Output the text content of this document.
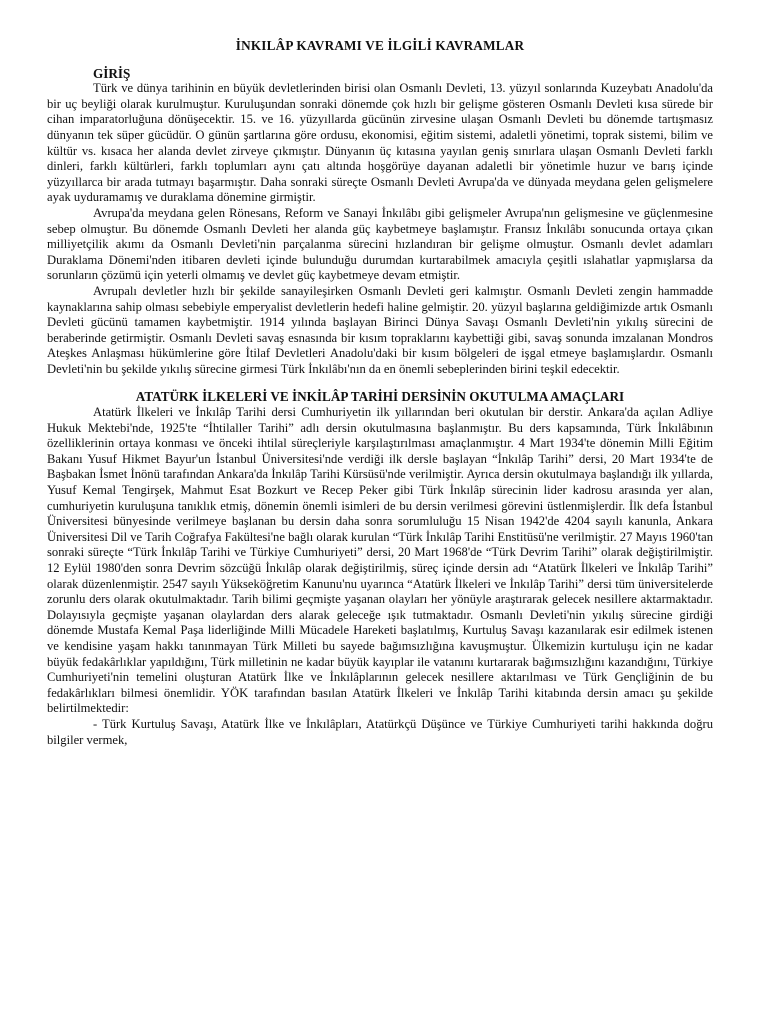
İNKILÂP KAVRAMI VE İLGİLİ KAVRAMLAR
GİRİŞ

Türk ve dünya tarihinin en büyük devletlerinden birisi olan Osmanlı Devleti, 13. yüzyıl sonlarında Kuzeybatı Anadolu'da bir uç beyliği olarak kurulmuştur. Kuruluşundan sonraki dönemde çok hızlı bir gelişme gösteren Osmanlı Devleti kısa sürede bir cihan imparatorluğuna dönüşecektir. 15. ve 16. yüzyıllarda gücünün zirvesine ulaşan Osmanlı Devleti bu dönemde tartışmasız dünyanın tek süper gücüdür. O günün şartlarına göre ordusu, ekonomisi, eğitim sistemi, adaletli yönetimi, toprak sistemi, bilim ve kültür vs. kısaca her alanda devlet zirveye çıkmıştır. Dünyanın üç kıtasına yayılan geniş sınırlara ulaşan Osmanlı Devleti farklı dinleri, farklı kültürleri, farklı toplumları aynı çatı altında hoşgörüye dayanan adaletli bir yönetimle huzur ve barış içinde yüzyıllarca bir arada tutmayı başarmıştır. Daha sonraki süreçte Osmanlı Devleti Avrupa'da ve dünyada meydana gelen gelişmelere ayak uyduramamış ve duraklama dönemine girmiştir.

Avrupa'da meydana gelen Rönesans, Reform ve Sanayi İnkılâbı gibi gelişmeler Avrupa'nın gelişmesine ve güçlenmesine sebep olmuştur. Bu dönemde Osmanlı Devleti her alanda güç kaybetmeye başlamıştır. Fransız İnkılâbı sonucunda ortaya çıkan milliyetçilik akımı da Osmanlı Devleti'nin parçalanma sürecini hızlandıran bir gelişme olmuştur. Osmanlı devlet adamları Duraklama Dönemi'nden itibaren devleti içinde bulunduğu durumdan kurtarabilmek amacıyla çeşitli ıslahatlar yapmışlarsa da sorunların çözümü için yeterli olmamış ve devlet güç kaybetmeye devam etmiştir.

Avrupalı devletler hızlı bir şekilde sanayileşirken Osmanlı Devleti geri kalmıştır. Osmanlı Devleti zengin hammadde kaynaklarına sahip olması sebebiyle emperyalist devletlerin hedefi haline gelmiştir. 20. yüzyıl başlarına geldiğimizde artık Osmanlı Devleti gücünü tamamen kaybetmiştir. 1914 yılında başlayan Birinci Dünya Savaşı Osmanlı Devleti'nin yıkılış sürecini de beraberinde getirmiştir. Osmanlı Devleti savaş esnasında bir kısım topraklarını kaybettiği gibi, savaş sonunda imzalanan Mondros Ateşkes Anlaşması hükümlerine göre İtilaf Devletleri Anadolu'daki bir kısım bölgeleri de işgal etmeye başlamışlardır. Osmanlı Devleti'nin bu şekilde yıkılış sürecine girmesi Türk İnkılâbı'nın da en önemli sebeplerinden birini teşkil edecektir.

ATATÜRK İLKELERİ VE İNKİLÂP TARİHİ DERSİNİN OKUTULMA AMAÇLARI

Atatürk İlkeleri ve İnkılâp Tarihi dersi Cumhuriyetin ilk yıllarından beri okutulan bir derstir. Ankara'da açılan Adliye Hukuk Mektebi'nde, 1925'te “İhtilaller Tarihi” adlı dersin okutulmasına başlanmıştır. Bu ders kapsamında, Türk İnkılâbının özelliklerinin ortaya konması ve önceki ihtilal süreçleriyle karşılaştırılması amaçlanmıştır. 4 Mart 1934'te dönemin Milli Eğitim Bakanı Yusuf Hikmet Bayur'un İstanbul Üniversitesi'nde verdiği ilk dersle başlayan “İnkılâp Tarihi” dersi, 20 Mart 1934'te de Başbakan İsmet İnönü tarafından Ankara'da İnkılâp Tarihi Kürsüsü'nde verilmiştir. Ayrıca dersin okutulmaya başlandığı ilk yıllarda, Yusuf Kemal Tengirşek, Mahmut Esat Bozkurt ve Recep Peker gibi Türk İnkılâp sürecinin lider kadrosu arasında yer alan, cumhuriyetin kuruluşuna tanıklık etmiş, dönemin önemli isimleri de bu dersin verilmesi görevini üstlenmişlerdir. İlk defa İstanbul Üniversitesi bünyesinde verilmeye başlanan bu dersin daha sonra sorumluluğu 15 Nisan 1942'de 4204 sayılı kanunla, Ankara Üniversitesi Dil ve Tarih Coğrafya Fakültesi'ne bağlı olarak kurulan “Türk İnkılâp Tarihi Enstitüsü'ne verilmiştir. 27 Mayıs 1960'tan sonraki süreçte “Türk İnkılâp Tarihi ve Türkiye Cumhuriyeti” dersi, 20 Mart 1968'de “Türk Devrim Tarihi” olarak değiştirilmiştir. 12 Eylül 1980'den sonra Devrim sözcüğü İnkılâp olarak değiştirilmiş, süreç içinde dersin adı “Atatürk İlkeleri ve İnkılâp Tarihi” olarak düzenlenmiştir. 2547 sayılı Yükseköğretim Kanunu'nu uyarınca “Atatürk İlkeleri ve İnkılâp Tarihi” dersi tüm üniversitelerde zorunlu ders olarak okutulmaktadır. Tarih bilimi geçmişte yaşanan olayları her yönüyle araştırarak gelecek nesillere aktarmaktadır. Dolayısıyla geçmişte yaşanan olaylardan ders alarak geleceğe ışık tutmaktadır. Osmanlı Devleti'nin yıkılış sürecine girdiği dönemde Mustafa Kemal Paşa liderliğinde Milli Mücadele Hareketi başlatılmış, Kurtuluş Savaşı kazanılarak esir edilmek istenen ve kendisine yaşam hakkı tanınmayan Türk Milleti bu sayede bağımsızlığına kavuşmuştur. Ülkemizin kurtuluşu için ne kadar büyük fedakârlıklar yapıldığını, Türk milletinin ne kadar büyük kayıplar ile vatanını kurtararak bağımsızlığını kazandığını, Türkiye Cumhuriyeti'nin temelini oluşturan Atatürk İlke ve İnkılâplarının gelecek nesillere aktarılması ve Türk Gençliğinin de bu fedakârlıkları bilmesi önemlidir. YÖK tarafından basılan Atatürk İlkeleri ve İnkılâp Tarihi kitabında dersin amacı şu şekilde belirtilmektedir:

- Türk Kurtuluş Savaşı, Atatürk İlke ve İnkılâpları, Atatürkçü Düşünce ve Türkiye Cumhuriyeti tarihi hakkında doğru bilgiler vermek,
